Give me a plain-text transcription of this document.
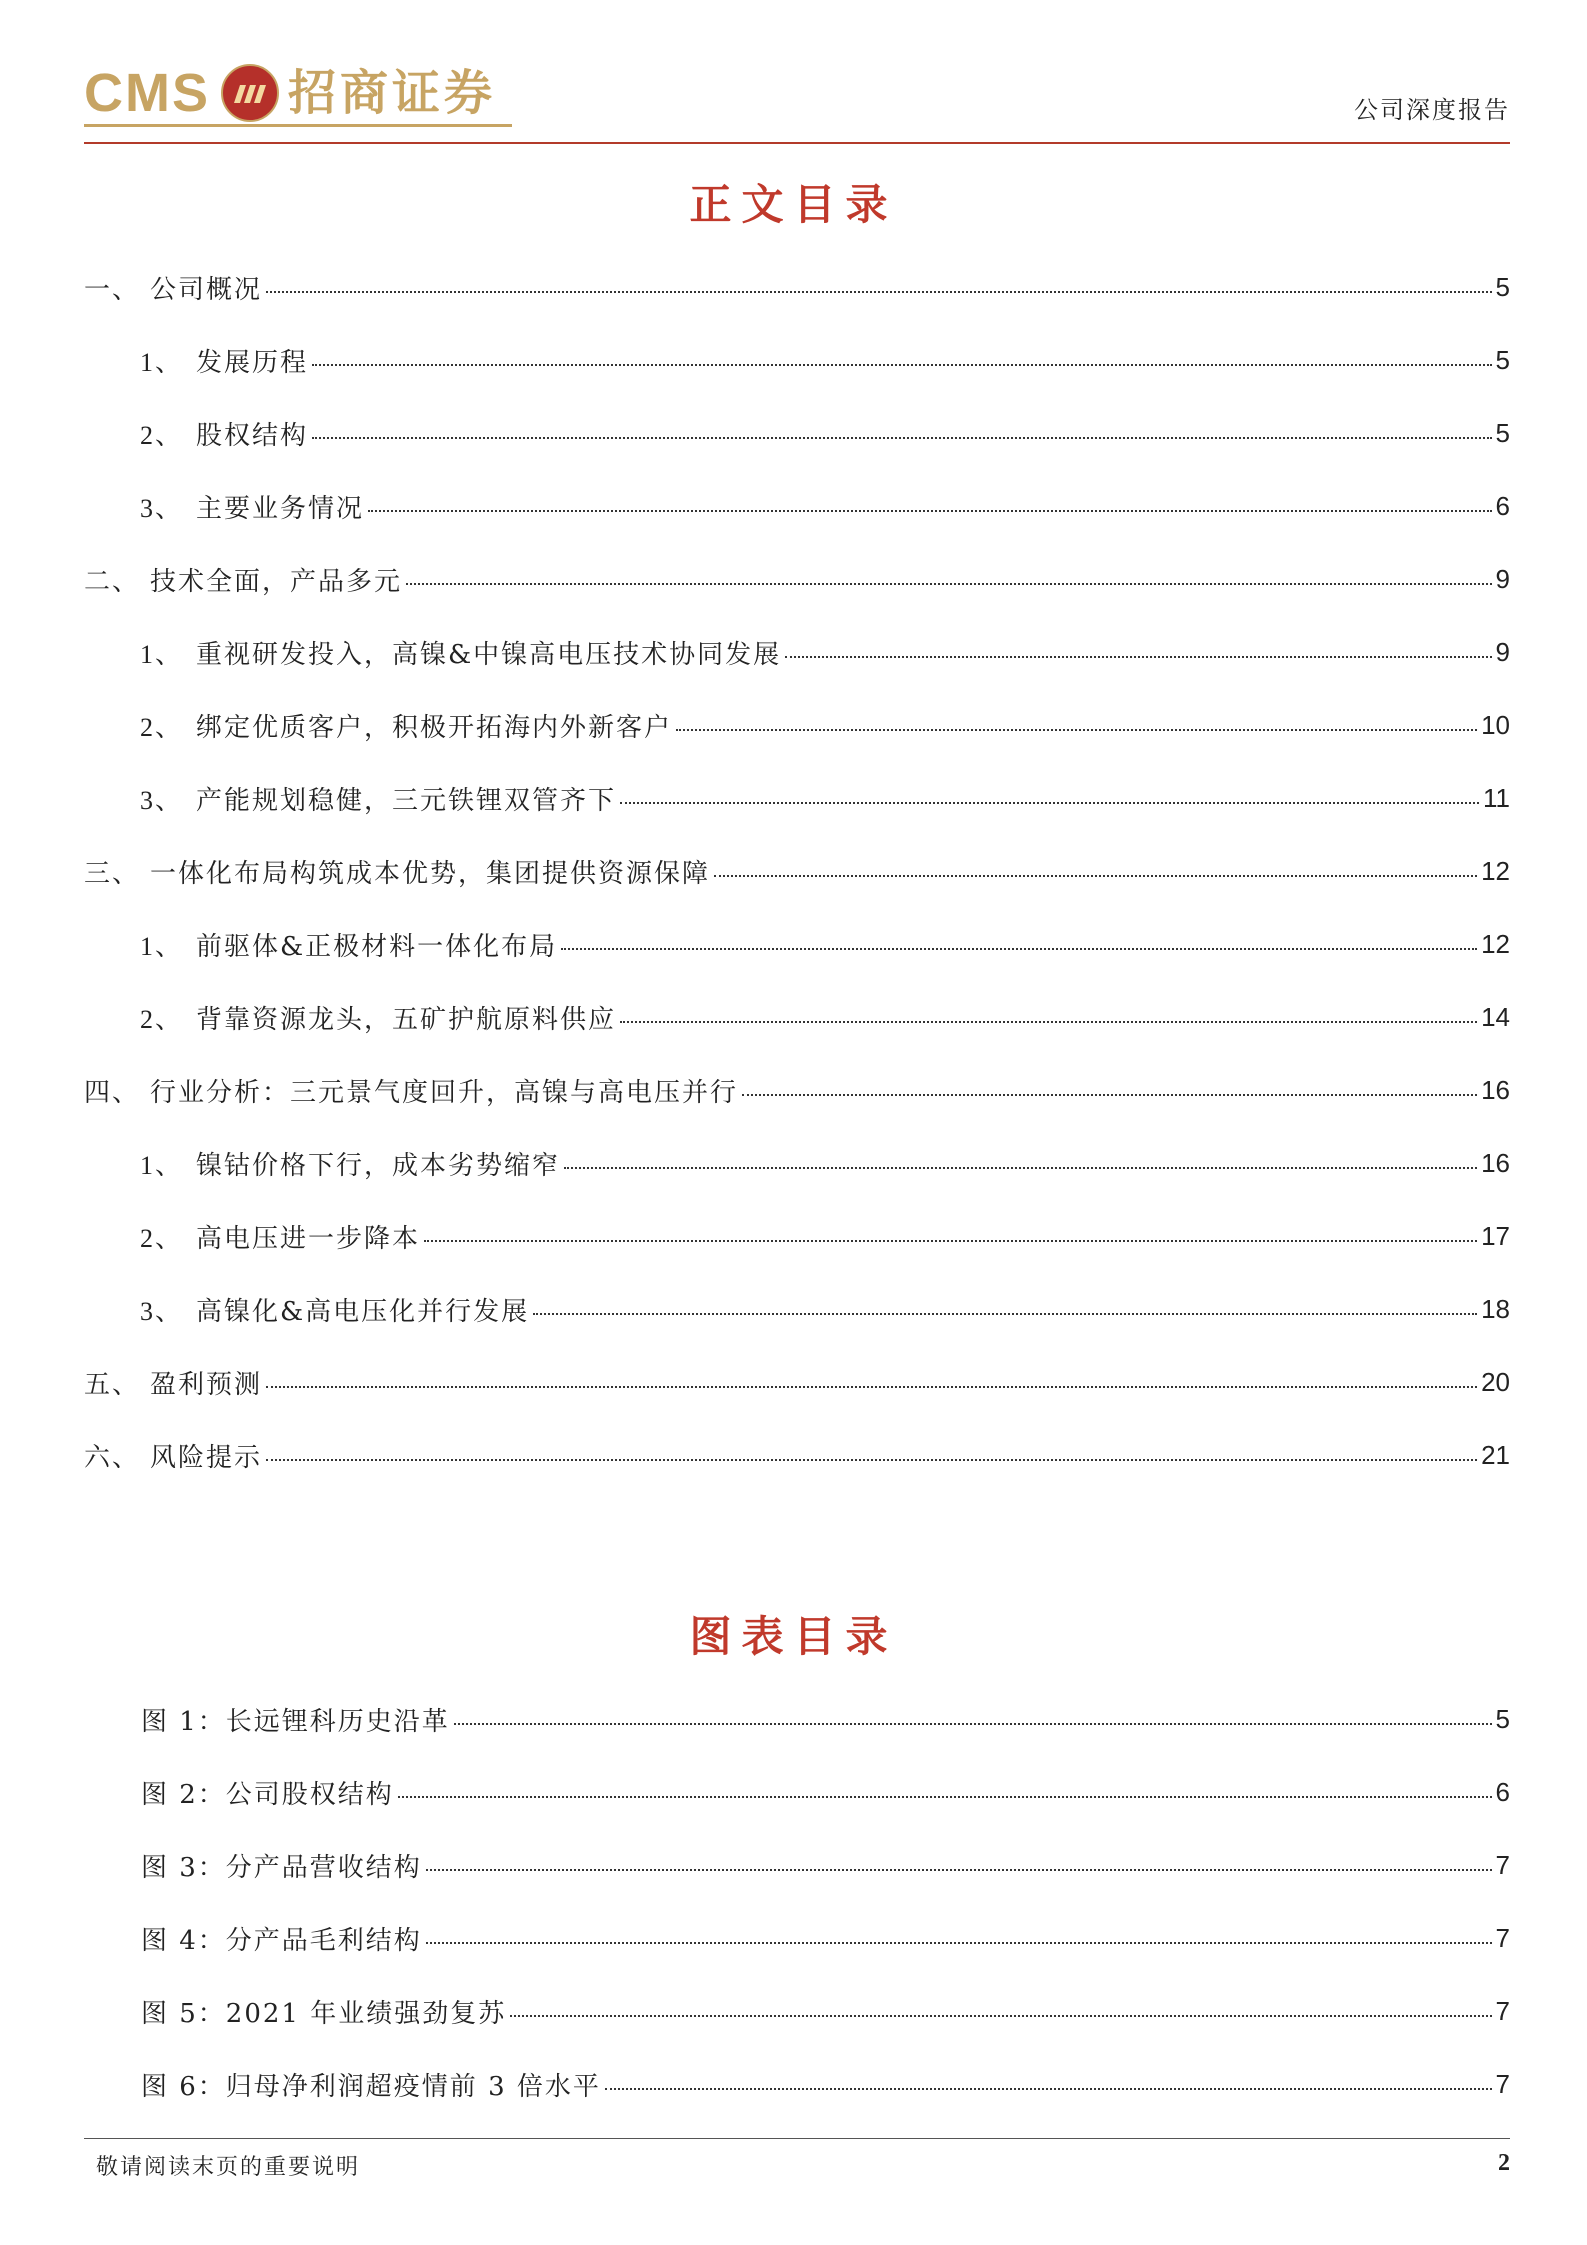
CMS 招商证券	公司深度报告
正文目录
一、 公司概况	5
1、 发展历程	5
2、 股权结构	5
3、 主要业务情况	6
二、 技术全面，产品多元	9
1、 重视研发投入，高镍&中镍高电压技术协同发展	9
2、 绑定优质客户，积极开拓海内外新客户	10
3、 产能规划稳健，三元铁锂双管齐下	11
三、 一体化布局构筑成本优势，集团提供资源保障	12
1、 前驱体&正极材料一体化布局	12
2、 背靠资源龙头，五矿护航原料供应	14
四、 行业分析：三元景气度回升，高镍与高电压并行	16
1、 镍钴价格下行，成本劣势缩窄	16
2、 高电压进一步降本	17
3、 高镍化&高电压化并行发展	18
五、 盈利预测	20
六、 风险提示	21
图表目录
图 1：长远锂科历史沿革	5
图 2：公司股权结构	6
图 3：分产品营收结构	7
图 4：分产品毛利结构	7
图 5：2021 年业绩强劲复苏	7
图 6：归母净利润超疫情前 3 倍水平	7
敬请阅读末页的重要说明	2
